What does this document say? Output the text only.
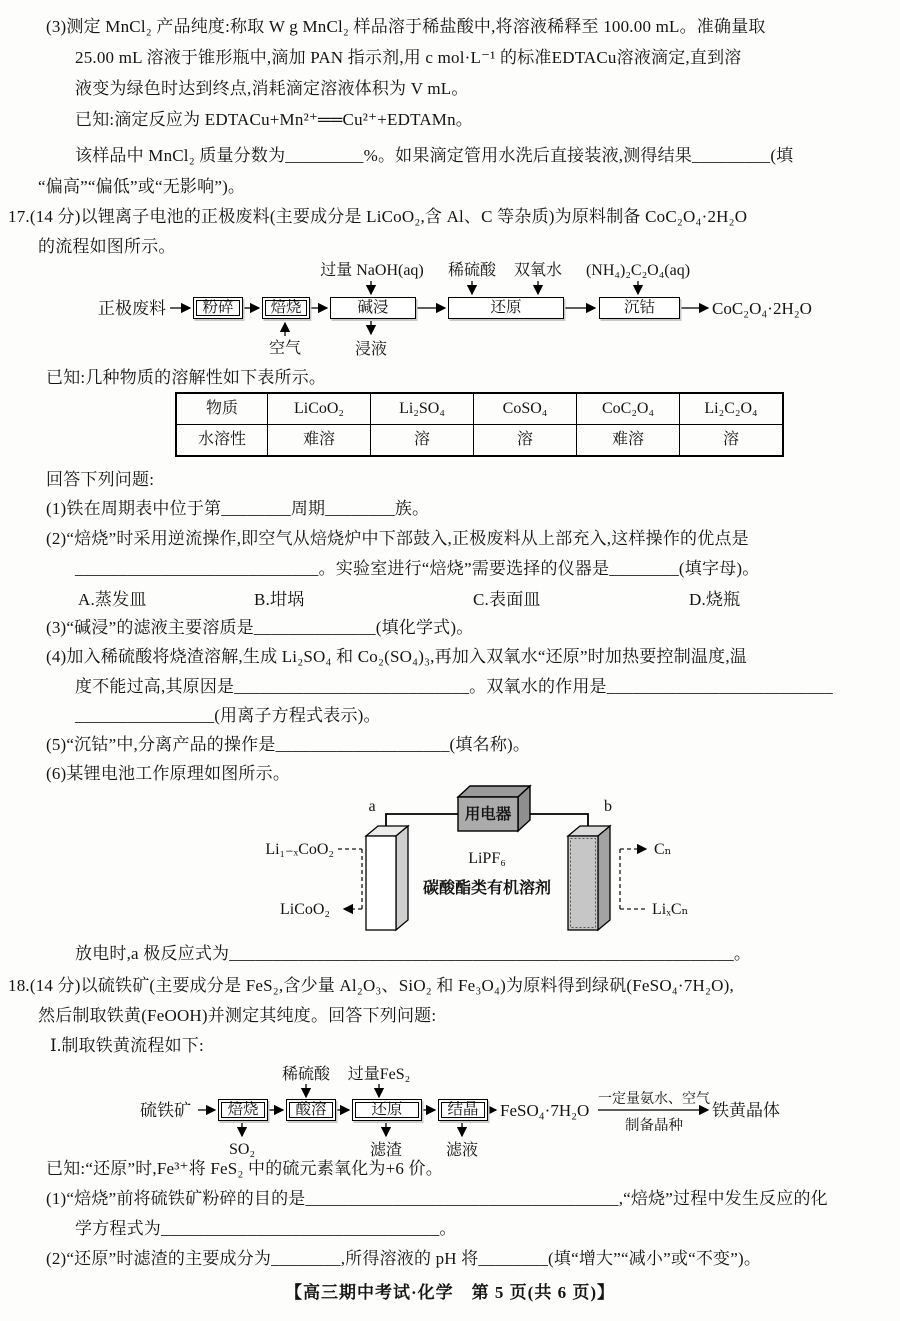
(3)测定 MnCl₂ 产品纯度:称取 W g MnCl₂ 样品溶于稀盐酸中,将溶液稀释至 100.00 mL。准确量取
25.00 mL 溶液于锥形瓶中,滴加 PAN 指示剂,用 c mol·L⁻¹ 的标准EDTACu溶液滴定,直到溶
液变为绿色时达到终点,消耗滴定溶液体积为 V mL。
已知:滴定反应为 EDTACu+Mn²⁺══Cu²⁺+EDTAMn。
该样品中 MnCl₂ 质量分数为_________%。如果滴定管用水洗后直接装液,测得结果_________(填
“偏高”“偏低”或“无影响”)。
17.(14 分)以锂离子电池的正极废料(主要成分是 LiCoO₂,含 Al、C 等杂质)为原料制备 CoC₂O₄·2H₂O
的流程如图所示。
正极废料	粉碎	焙烧	碱浸	还原	沉钴	CoC₂O₄·2H₂O
过量 NaOH(aq)	稀硫酸	双氧水	(NH₄)₂C₂O₄(aq)
空气	浸液
已知:几种物质的溶解性如下表所示。
物质	LiCoO₂	Li₂SO₄	CoSO₄	CoC₂O₄	Li₂C₂O₄
水溶性	难溶	溶	溶	难溶	溶
回答下列问题:
(1)铁在周期表中位于第________周期________族。
(2)“焙烧”时采用逆流操作,即空气从焙烧炉中下部鼓入,正极废料从上部充入,这样操作的优点是
____________________________。实验室进行“焙烧”需要选择的仪器是________(填字母)。
A.蒸发皿	B.坩埚	C.表面皿	D.烧瓶
(3)“碱浸”的滤液主要溶质是______________(填化学式)。
(4)加入稀硫酸将烧渣溶解,生成 Li₂SO₄ 和 Co₂(SO₄)₃,再加入双氧水“还原”时加热要控制温度,温
度不能过高,其原因是___________________________。双氧水的作用是__________________________
________________(用离子方程式表示)。
(5)“沉钴”中,分离产品的操作是____________________(填名称)。
(6)某锂电池工作原理如图所示。
用电器
a	b
LiPF₆
碳酸酯类有机溶剂
Li₁₋ₓCoO₂
LiCoO₂
Cₙ
LiₓCₙ
放电时,a 极反应式为__________________________________________________________。
18.(14 分)以硫铁矿(主要成分是 FeS₂,含少量 Al₂O₃、SiO₂ 和 Fe₃O₄)为原料得到绿矾(FeSO₄·7H₂O),
然后制取铁黄(FeOOH)并测定其纯度。回答下列问题:
Ⅰ.制取铁黄流程如下:
硫铁矿	焙烧	酸溶	还原	结晶	FeSO₄·7H₂O
一定量氨水、空气
制备晶种
铁黄晶体
稀硫酸	过量FeS₂
SO₂	滤渣	滤液
已知:“还原”时,Fe³⁺将 FeS₂ 中的硫元素氧化为+6 价。
(1)“焙烧”前将硫铁矿粉碎的目的是____________________________________,“焙烧”过程中发生反应的化
学方程式为________________________________。
(2)“还原”时滤渣的主要成分为________,所得溶液的 pH 将________(填“增大”“减小”或“不变”)。
【高三期中考试·化学　第 5 页(共 6 页)】
